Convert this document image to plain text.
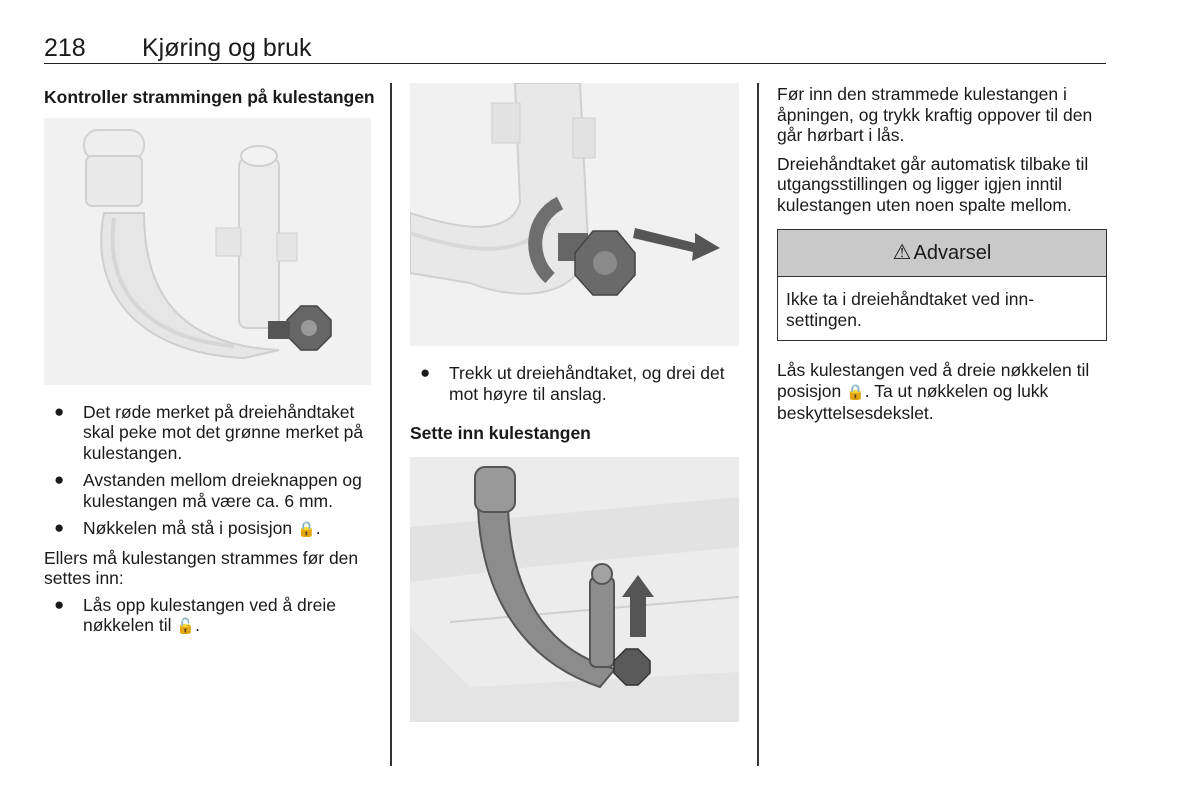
218 Kjøring og bruk
Kontroller strammingen på kulestangen
● Det røde merket på dreiehåndtaket skal peke mot det grønne merket på kulestangen.
● Avstanden mellom dreieknappen og kulestangen må være ca. 6 mm.
● Nøkkelen må stå i posisjon 🔒.
Ellers må kulestangen strammes før den settes inn:
● Lås opp kulestangen ved å dreie nøkkelen til 🔓.
● Trekk ut dreiehåndtaket, og drei det mot høyre til anslag.
Sette inn kulestangen
Før inn den strammede kulestangen i åpningen, og trykk kraftig oppover til den går hørbart i lås.
Dreiehåndtaket går automatisk tilbake til utgangsstillingen og ligger igjen inntil kulestangen uten noen spalte mellom.
⚠ Advarsel
Ikke ta i dreiehåndtaket ved innsettingen.
Lås kulestangen ved å dreie nøkkelen til posisjon 🔒. Ta ut nøkkelen og lukk beskyttelsesdekslet.
